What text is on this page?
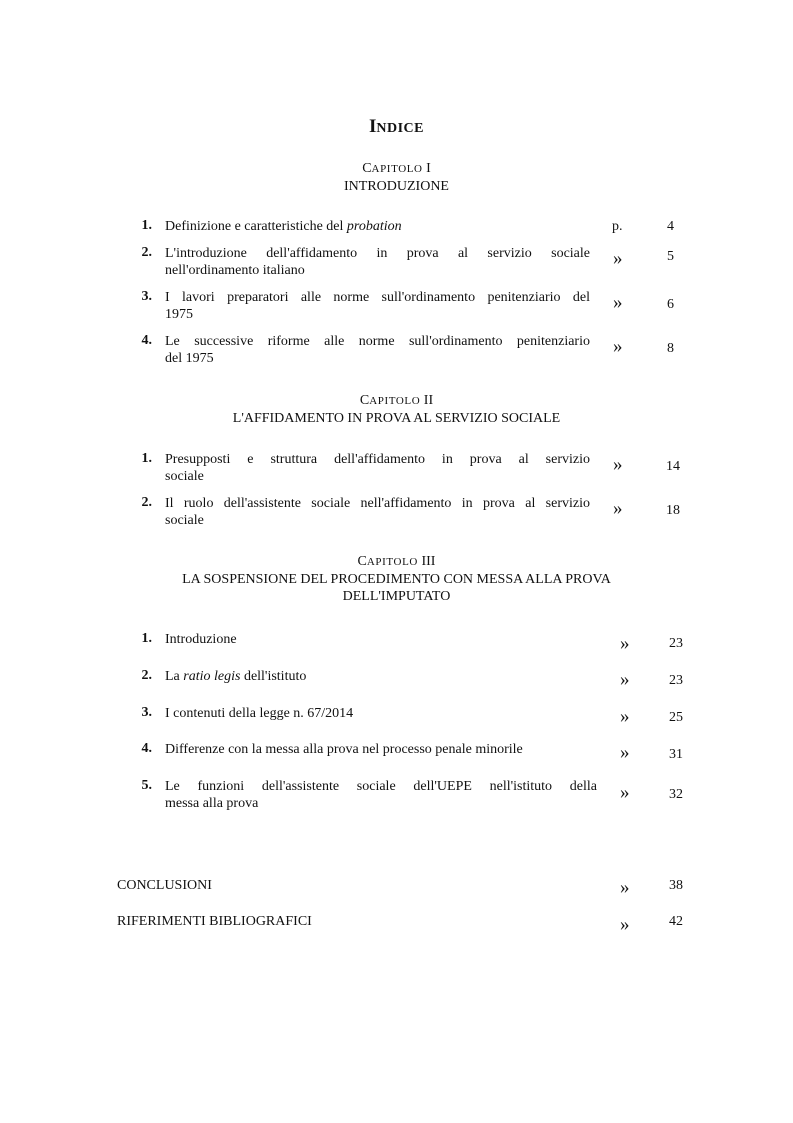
INDICE
CAPITOLO I
INTRODUZIONE
1. Definizione e caratteristiche del probation	p.	4
2. L'introduzione dell'affidamento in prova al servizio sociale
nell'ordinamento italiano
»	5
3. I lavori preparatori alle norme sull'ordinamento penitenziario del
1975
»	6
4. Le successive riforme alle norme sull'ordinamento penitenziario
del 1975
»	8
CAPITOLO II
L'AFFIDAMENTO IN PROVA AL SERVIZIO SOCIALE
1. Presupposti e struttura dell'affidamento in prova al servizio
sociale
»	14
2. Il ruolo dell'assistente sociale nell'affidamento in prova al servizio
sociale
»	18
CAPITOLO III
LA SOSPENSIONE DEL PROCEDIMENTO CON MESSA ALLA PROVA
DELL'IMPUTATO
1. Introduzione	»	23
2. La ratio legis dell'istituto	»	23
3. I contenuti della legge n. 67/2014	»	25
4. Differenze con la messa alla prova nel processo penale minorile	»	31
5. Le funzioni dell'assistente sociale dell'UEPE nell'istituto della
messa alla prova
»	32
CONCLUSIONI	»	38
RIFERIMENTI BIBLIOGRAFICI	»	42
